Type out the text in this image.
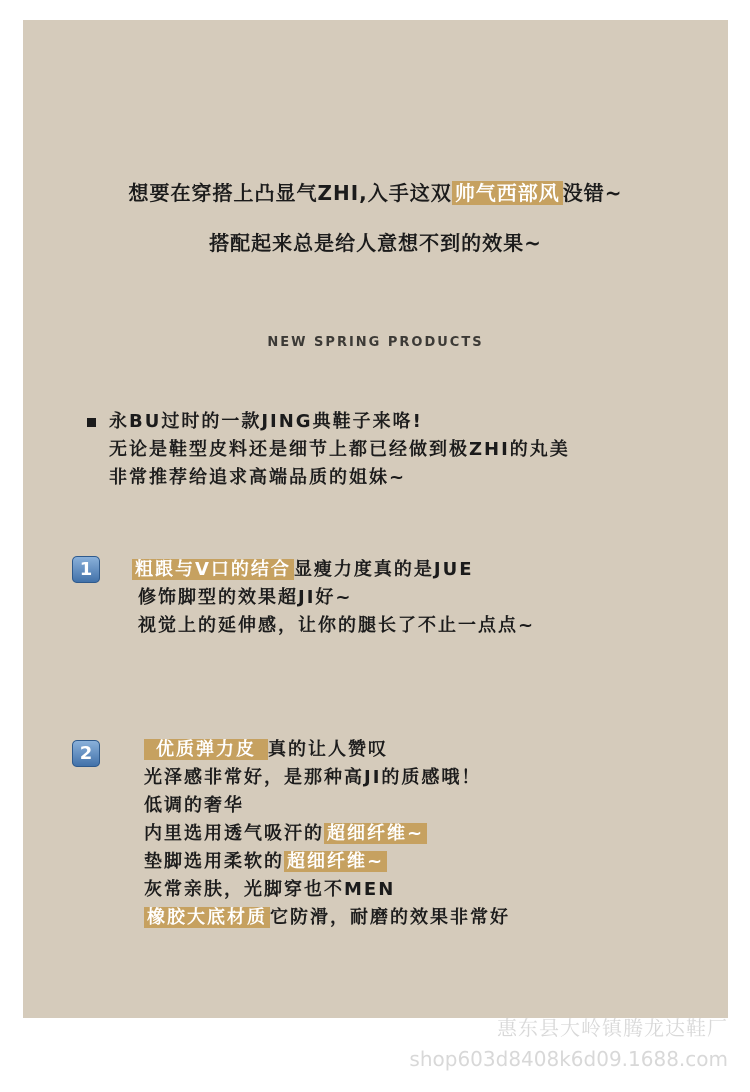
想要在穿搭上凸显气ZHI,入手这双 帅气西部风 没错~
搭配起来总是给人意想不到的效果~
NEW SPRING PRODUCTS
永BU过时的一款JING典鞋子来咯!
无论是鞋型皮料还是细节上都已经做到极ZHI的丸美
非常推荐给追求高端品质的姐妹~
1	粗跟与V口的结合 显瘦力度真的是JUE
修饰脚型的效果超JI好~
视觉上的延伸感，让你的腿长了不止一点点~
2	优质弹力皮 真的让人赞叹
光泽感非常好，是那种高JI的质感哦！
低调的奢华
内里选用透气吸汗的 超细纤维~
垫脚选用柔软的 超细纤维~
灰常亲肤，光脚穿也不MEN
橡胶大底材质 它防滑，耐磨的效果非常好
惠东县大岭镇腾龙达鞋厂
shop603d8408k6d09.1688.com
